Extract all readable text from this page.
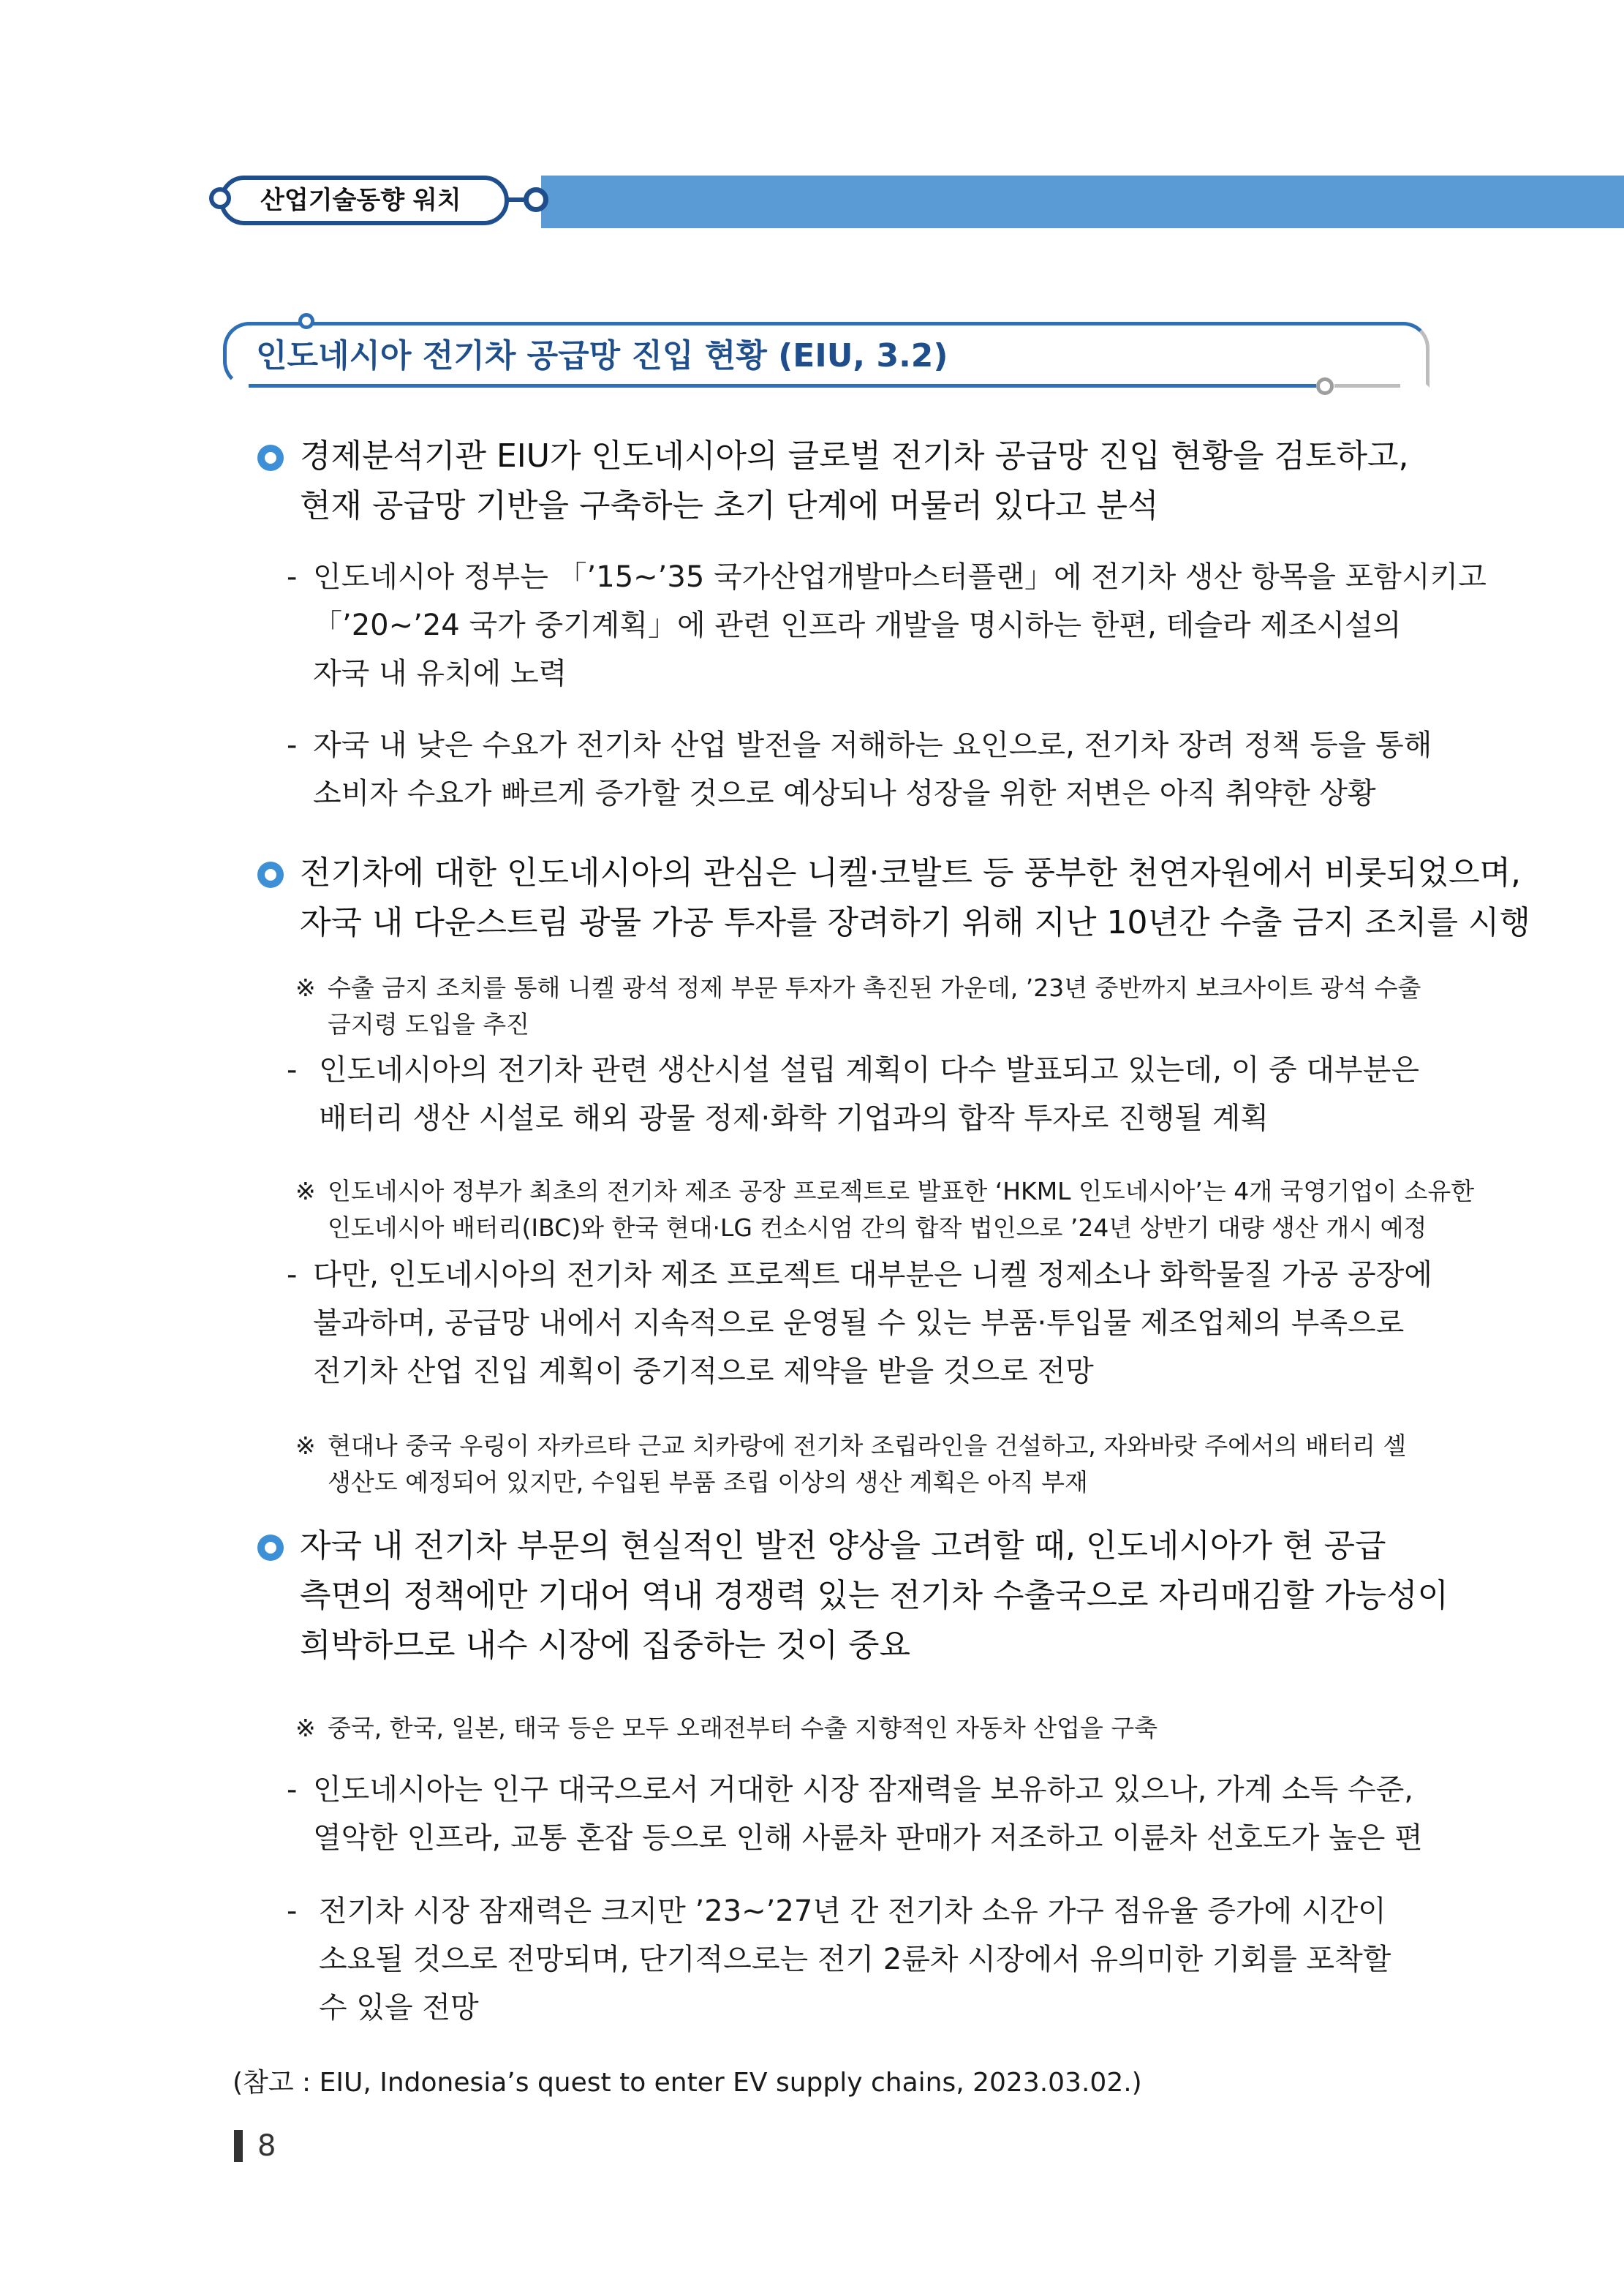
산업기술동향 워치
인도네시아 전기차 공급망 진입 현황 (EIU, 3.2)
경제분석기관 EIU가 인도네시아의 글로벌 전기차 공급망 진입 현황을 검토하고,
현재 공급망 기반을 구축하는 초기 단계에 머물러 있다고 분석
- 인도네시아 정부는 「’15~’35 국가산업개발마스터플랜」에 전기차 생산 항목을 포함시키고
「’20~’24 국가 중기계획」에 관련 인프라 개발을 명시하는 한편, 테슬라 제조시설의
자국 내 유치에 노력
- 자국 내 낮은 수요가 전기차 산업 발전을 저해하는 요인으로, 전기차 장려 정책 등을 통해
소비자 수요가 빠르게 증가할 것으로 예상되나 성장을 위한 저변은 아직 취약한 상황
전기차에 대한 인도네시아의 관심은 니켈·코발트 등 풍부한 천연자원에서 비롯되었으며,
자국 내 다운스트림 광물 가공 투자를 장려하기 위해 지난 10년간 수출 금지 조치를 시행
※ 수출 금지 조치를 통해 니켈 광석 정제 부문 투자가 촉진된 가운데, ’23년 중반까지 보크사이트 광석 수출
금지령 도입을 추진
- 인도네시아의 전기차 관련 생산시설 설립 계획이 다수 발표되고 있는데, 이 중 대부분은
배터리 생산 시설로 해외 광물 정제·화학 기업과의 합작 투자로 진행될 계획
※ 인도네시아 정부가 최초의 전기차 제조 공장 프로젝트로 발표한 ‘HKML 인도네시아’는 4개 국영기업이 소유한
인도네시아 배터리(IBC)와 한국 현대·LG 컨소시엄 간의 합작 법인으로 ’24년 상반기 대량 생산 개시 예정
- 다만, 인도네시아의 전기차 제조 프로젝트 대부분은 니켈 정제소나 화학물질 가공 공장에
불과하며, 공급망 내에서 지속적으로 운영될 수 있는 부품·투입물 제조업체의 부족으로
전기차 산업 진입 계획이 중기적으로 제약을 받을 것으로 전망
※ 현대나 중국 우링이 자카르타 근교 치카랑에 전기차 조립라인을 건설하고, 자와바랏 주에서의 배터리 셀
생산도 예정되어 있지만, 수입된 부품 조립 이상의 생산 계획은 아직 부재
자국 내 전기차 부문의 현실적인 발전 양상을 고려할 때, 인도네시아가 현 공급
측면의 정책에만 기대어 역내 경쟁력 있는 전기차 수출국으로 자리매김할 가능성이
희박하므로 내수 시장에 집중하는 것이 중요
※ 중국, 한국, 일본, 태국 등은 모두 오래전부터 수출 지향적인 자동차 산업을 구축
- 인도네시아는 인구 대국으로서 거대한 시장 잠재력을 보유하고 있으나, 가계 소득 수준,
열악한 인프라, 교통 혼잡 등으로 인해 사륜차 판매가 저조하고 이륜차 선호도가 높은 편
- 전기차 시장 잠재력은 크지만 ’23~’27년 간 전기차 소유 가구 점유율 증가에 시간이
소요될 것으로 전망되며, 단기적으로는 전기 2륜차 시장에서 유의미한 기회를 포착할
수 있을 전망
(참고 : EIU, Indonesia’s quest to enter EV supply chains, 2023.03.02.)
8
